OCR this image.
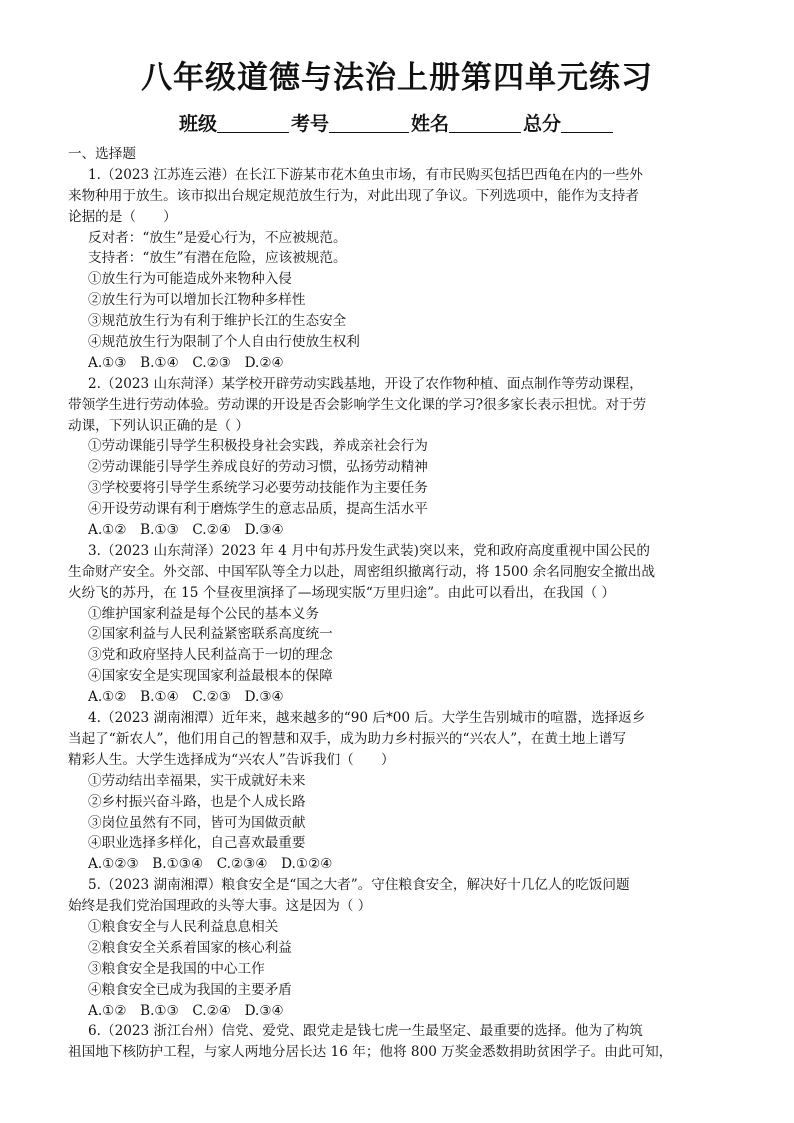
八年级道德与法治上册第四单元练习
班级	考号	姓名	总分
一、选择题
1.（2023 江苏连云港）在长江下游某市花木鱼虫市场，有市民购买包括巴西龟在内的一些外
来物种用于放生。该市拟出台规定规范放生行为，对此出现了争议。下列选项中，能作为支持者
论据的是（　　）
反对者：“放生”是爱心行为，不应被规范。
支持者：“放生”有潜在危险，应该被规范。
①放生行为可能造成外来物种入侵
②放生行为可以增加长江物种多样性
③规范放生行为有利于维护长江的生态安全
④规范放生行为限制了个人自由行使放生权利
A.①③　B.①④　C.②③　D.②④
2.（2023 山东菏泽）某学校开辟劳动实践基地，开设了农作物种植、面点制作等劳动课程，
带领学生进行劳动体验。劳动课的开设是否会影响学生文化课的学习?很多家长表示担忧。对于劳
动课，下列认识正确的是（ ）
①劳动课能引导学生积极投身社会实践，养成亲社会行为
②劳动课能引导学生养成良好的劳动习惯，弘扬劳动精神
③学校要将引导学生系统学习必要劳动技能作为主要任务
④开设劳动课有利于磨炼学生的意志品质，提高生活水平
A.①②　B.①③　C.②④　D.③④
3.（2023 山东菏泽）2023 年 4 月中旬苏丹发生武装)突以来，党和政府高度重视中国公民的
生命财产安全。外交部、中国军队等全力以赴，周密组织撤离行动，将 1500 余名同胞安全撤出战
火纷飞的苏丹，在 15 个昼夜里演择了—场现实版“万里归途”。由此可以看出，在我国（ ）
①维护国家利益是每个公民的基本义务
②国家利益与人民利益紧密联系高度统一
③党和政府坚持人民利益高于一切的理念
④国家安全是实现国家利益最根本的保障
A.①②　B.①④　C.②③　D.③④
4.（2023 湖南湘潭）近年来，越来越多的“90 后*00 后。大学生告别城市的喧嚣，选择返乡
当起了“新农人”，他们用自己的智慧和双手，成为助力乡村振兴的“兴农人”，在黄土地上谱写
精彩人生。大学生选择成为“兴农人”告诉我们（　　）
①劳动结出幸福果，实干成就好未来
②乡村振兴奋斗路，也是个人成长路
③岗位虽然有不同，皆可为国做贡献
④职业选择多样化，自己喜欢最重要
A.①②③　B.①③④　C.②③④　D.①②④
5.（2023 湖南湘潭）粮食安全是“国之大者”。守住粮食安全，解决好十几亿人的吃饭问题
始终是我们党治国理政的头等大事。这是因为（ ）
①粮食安全与人民利益息息相关
②粮食安全关系着国家的核心利益
③粮食安全是我国的中心工作
④粮食安全已成为我国的主要矛盾
A.①②　B.①③　C.②④　D.③④
6.（2023 浙江台州）信党、爱党、跟党走是钱七虎一生最坚定、最重要的选择。他为了构筑
祖国地下核防护工程，与家人两地分居长达 16 年；他将 800 万奖金悉数捐助贫困学子。由此可知，
